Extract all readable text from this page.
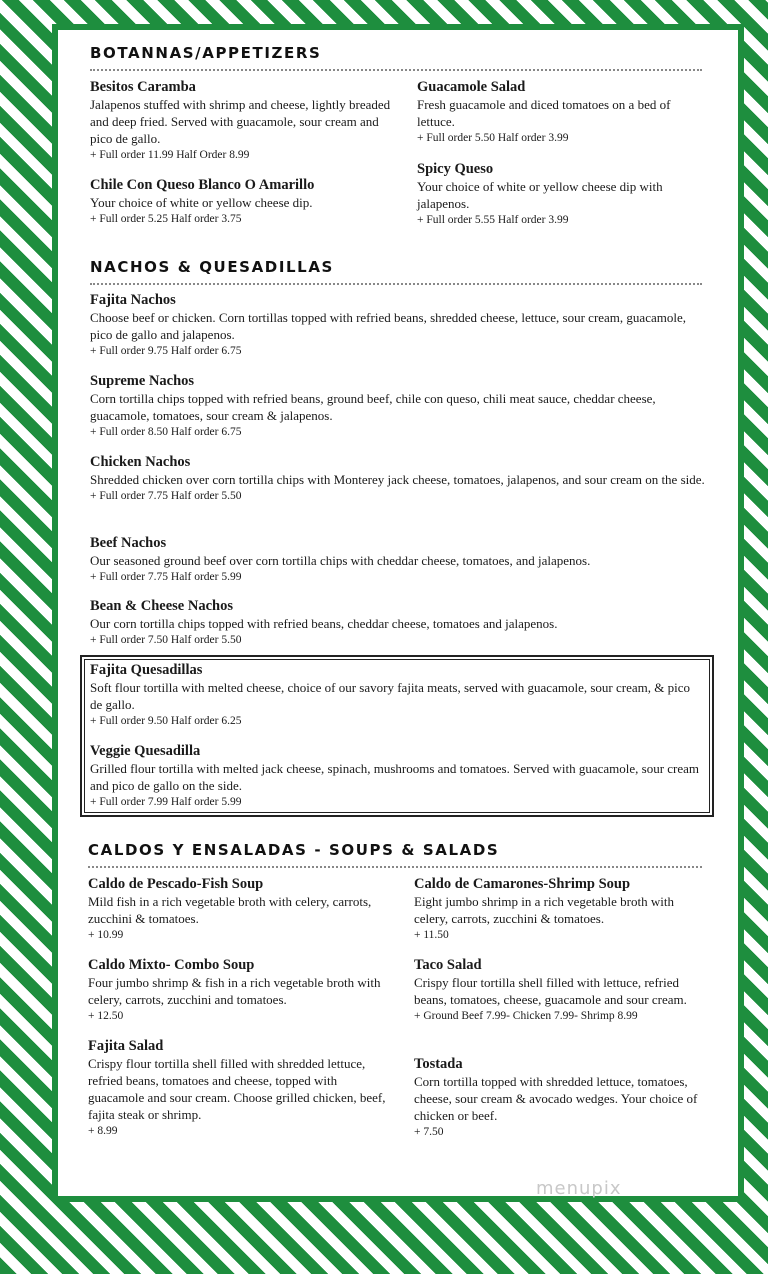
BOTANNAS/APPETIZERS

Besitos Caramba

Jalapenos stuffed with shrimp and cheese, lightly breaded and deep fried. Served with guacamole, sour cream and pico de gallo.

+ Full order 11.99 Half Order 8.99

Chile Con Queso Blanco O Amarillo

Your choice of white or yellow cheese dip.

+ Full order 5.25 Half order 3.75

Guacamole Salad

Fresh guacamole and diced tomatoes on a bed of lettuce.

+ Full order 5.50 Half order 3.99

Spicy Queso

Your choice of white or yellow cheese dip with jalapenos.

+ Full order 5.55 Half order 3.99

NACHOS & QUESADILLAS

Fajita Nachos

Choose beef or chicken. Corn tortillas topped with refried beans, shredded cheese, lettuce, sour cream, guacamole, pico de gallo and jalapenos.

+ Full order 9.75 Half order 6.75

Supreme Nachos

Corn tortilla chips topped with refried beans, ground beef, chile con queso, chili meat sauce, cheddar cheese, guacamole, tomatoes, sour cream & jalapenos.

+ Full order 8.50 Half order 6.75

Chicken Nachos

Shredded chicken over corn tortilla chips with Monterey jack cheese, tomatoes, jalapenos, and sour cream on the side.

+ Full order 7.75 Half order 5.50

Beef Nachos

Our seasoned ground beef over corn tortilla chips with cheddar cheese, tomatoes, and jalapenos.

+ Full order 7.75 Half order 5.99

Bean & Cheese Nachos

Our corn tortilla chips topped with refried beans, cheddar cheese, tomatoes and jalapenos.

+ Full order 7.50 Half order 5.50

Fajita Quesadillas

Soft flour tortilla with melted cheese, choice of our savory fajita meats, served with guacamole, sour cream, & pico de gallo.

+ Full order 9.50 Half order 6.25

Veggie Quesadilla

Grilled flour tortilla with melted jack cheese, spinach, mushrooms and tomatoes. Served with guacamole, sour cream and pico de gallo on the side.

+ Full order 7.99 Half order 5.99

CALDOS Y ENSALADAS - SOUPS & SALADS

Caldo de Pescado-Fish Soup

Mild fish in a rich vegetable broth with celery, carrots, zucchini & tomatoes.

+ 10.99

Caldo Mixto- Combo Soup

Four jumbo shrimp & fish in a rich vegetable broth with celery, carrots, zucchini and tomatoes.

+ 12.50

Fajita Salad

Crispy flour tortilla shell filled with shredded lettuce, refried beans, tomatoes and cheese, topped with guacamole and sour cream. Choose grilled chicken, beef, fajita steak or shrimp.

+ 8.99

Caldo de Camarones-Shrimp Soup

Eight jumbo shrimp in a rich vegetable broth with celery, carrots, zucchini & tomatoes.

+ 11.50

Taco Salad

Crispy flour tortilla shell filled with lettuce, refried beans, tomatoes, cheese, guacamole and sour cream.

+ Ground Beef 7.99- Chicken 7.99- Shrimp 8.99

Tostada

Corn tortilla topped with shredded lettuce, tomatoes, cheese, sour cream & avocado wedges. Your choice of chicken or beef.

+ 7.50

menupix
